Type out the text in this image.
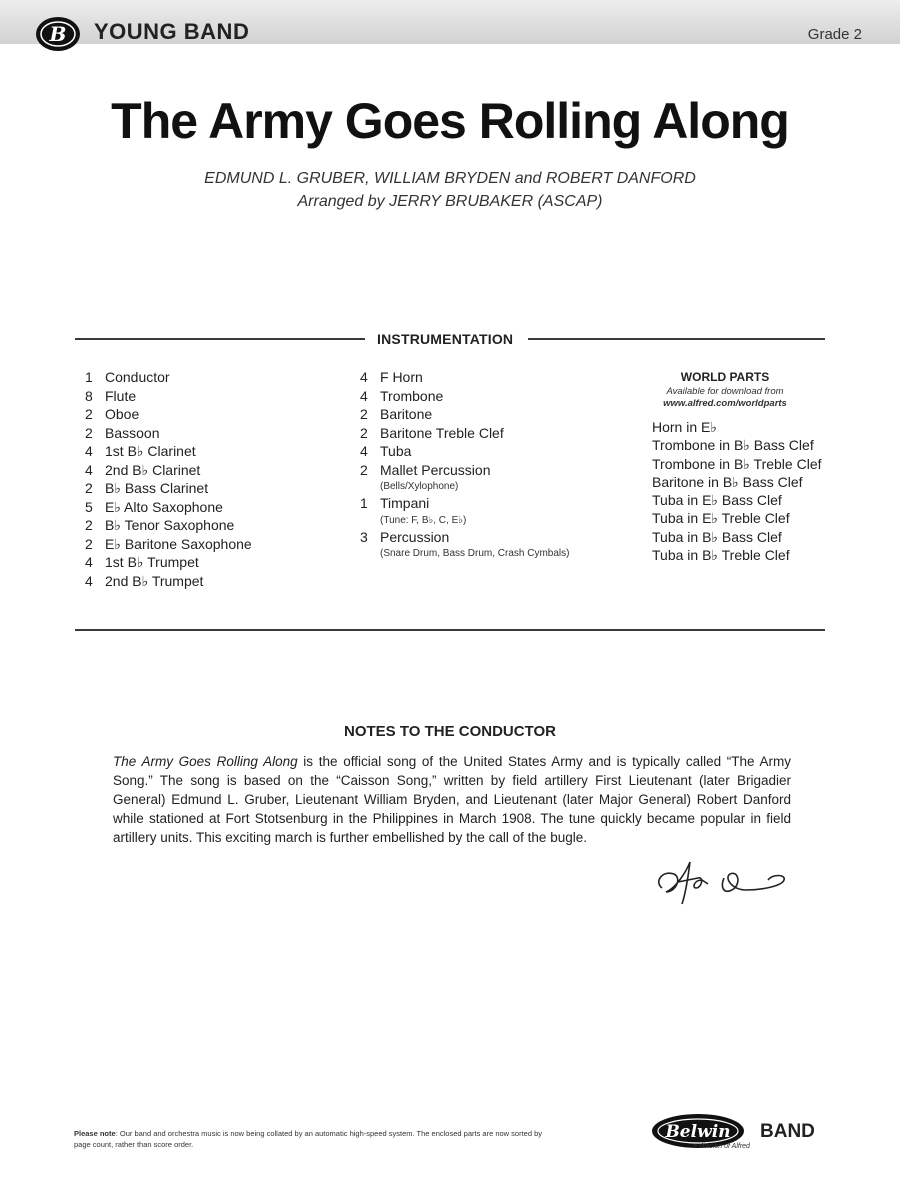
B YOUNG BAND	Grade 2
The Army Goes Rolling Along
EDMUND L. GRUBER, WILLIAM BRYDEN and ROBERT DANFORD
Arranged by JERRY BRUBAKER (ASCAP)
INSTRUMENTATION
1 Conductor
8 Flute
2 Oboe
2 Bassoon
4 1st B♭ Clarinet
4 2nd B♭ Clarinet
2 B♭ Bass Clarinet
5 E♭ Alto Saxophone
2 B♭ Tenor Saxophone
2 E♭ Baritone Saxophone
4 1st B♭ Trumpet
4 2nd B♭ Trumpet
4 F Horn
4 Trombone
2 Baritone
2 Baritone Treble Clef
4 Tuba
2 Mallet Percussion
(Bells/Xylophone)
1 Timpani
(Tune: F, B♭, C, E♭)
3 Percussion
(Snare Drum, Bass Drum, Crash Cymbals)
WORLD PARTS
Available for download from
www.alfred.com/worldparts
Horn in E♭
Trombone in B♭ Bass Clef
Trombone in B♭ Treble Clef
Baritone in B♭ Bass Clef
Tuba in E♭ Bass Clef
Tuba in E♭ Treble Clef
Tuba in B♭ Bass Clef
Tuba in B♭ Treble Clef
NOTES TO THE CONDUCTOR
The Army Goes Rolling Along is the official song of the United States Army and is typically called “The Army Song.” The song is based on the “Caisson Song,” written by field artillery First Lieutenant (later Brigadier General) Edmund L. Gruber, Lieutenant William Bryden, and Lieutenant (later Major General) Robert Danford while stationed at Fort Stotsenburg in the Philippines in March 1908. The tune quickly became popular in field artillery units. This exciting march is further embellished by the call of the bugle.
Please note: Our band and orchestra music is now being collated by an automatic high-speed system. The enclosed parts are now sorted by page count, rather than score order.
Belwin BAND
a division of Alfred
